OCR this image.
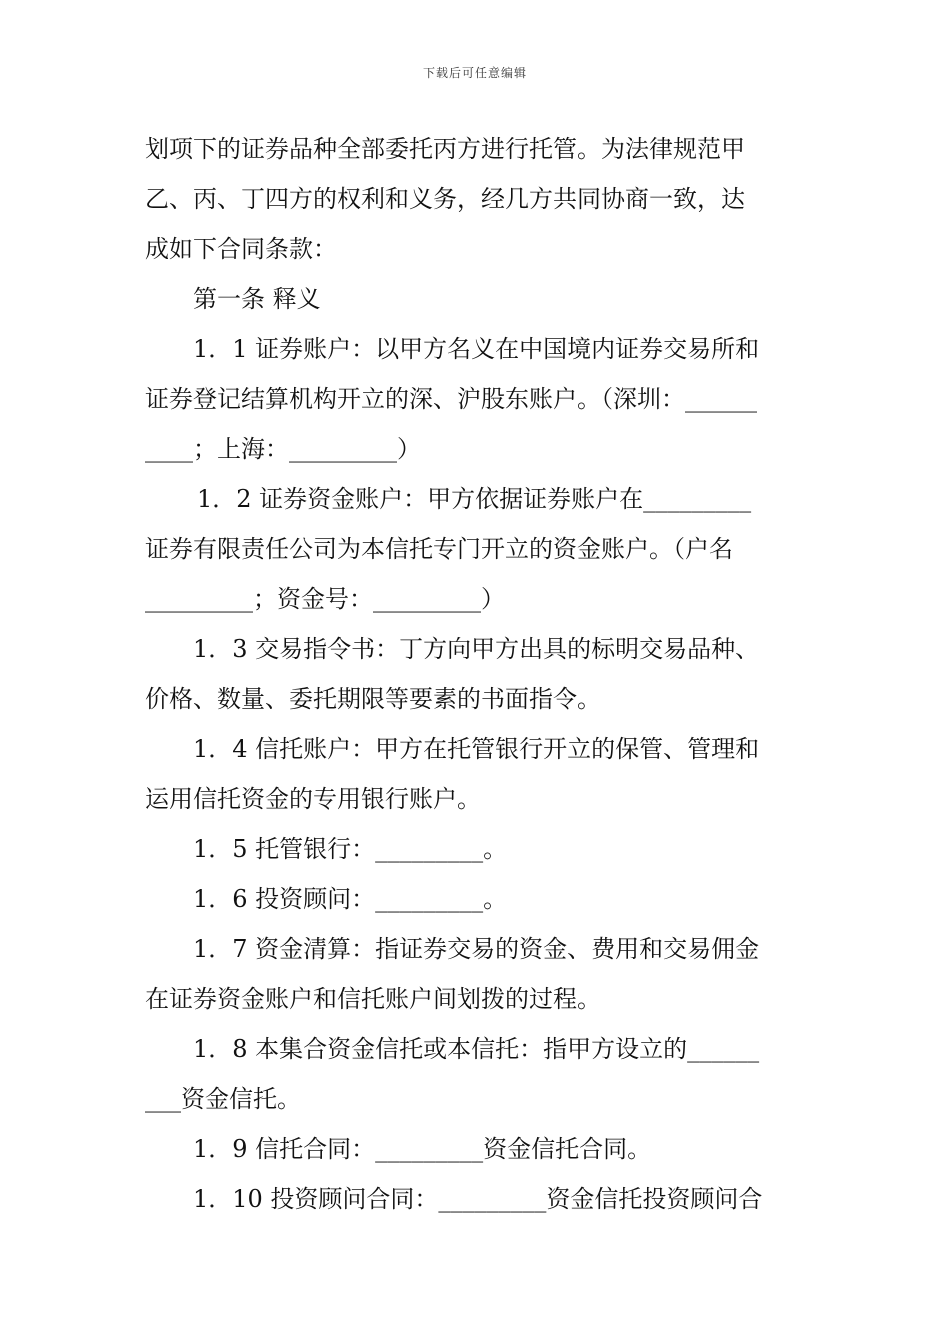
下载后可任意编辑
划项下的证券品种全部委托丙方进行托管。为法律规范甲
乙、丙、丁四方的权利和义务，经几方共同协商一致，达
成如下合同条款：
第一条 释义
1．1 证券账户：以甲方名义在中国境内证券交易所和
证券登记结算机构开立的深、沪股东账户。（深圳：______
____；上海：_________）
1．2 证券资金账户：甲方依据证券账户在_________
证券有限责任公司为本信托专门开立的资金账户。（户名
_________；资金号：_________）
1．3 交易指令书：丁方向甲方出具的标明交易品种、
价格、数量、委托期限等要素的书面指令。
1．4 信托账户：甲方在托管银行开立的保管、管理和
运用信托资金的专用银行账户。
1．5 托管银行：_________。
1．6 投资顾问：_________。
1．7 资金清算：指证券交易的资金、费用和交易佣金
在证券资金账户和信托账户间划拨的过程。
1．8 本集合资金信托或本信托：指甲方设立的______
___资金信托。
1．9 信托合同：_________资金信托合同。
1．10 投资顾问合同：_________资金信托投资顾问合
